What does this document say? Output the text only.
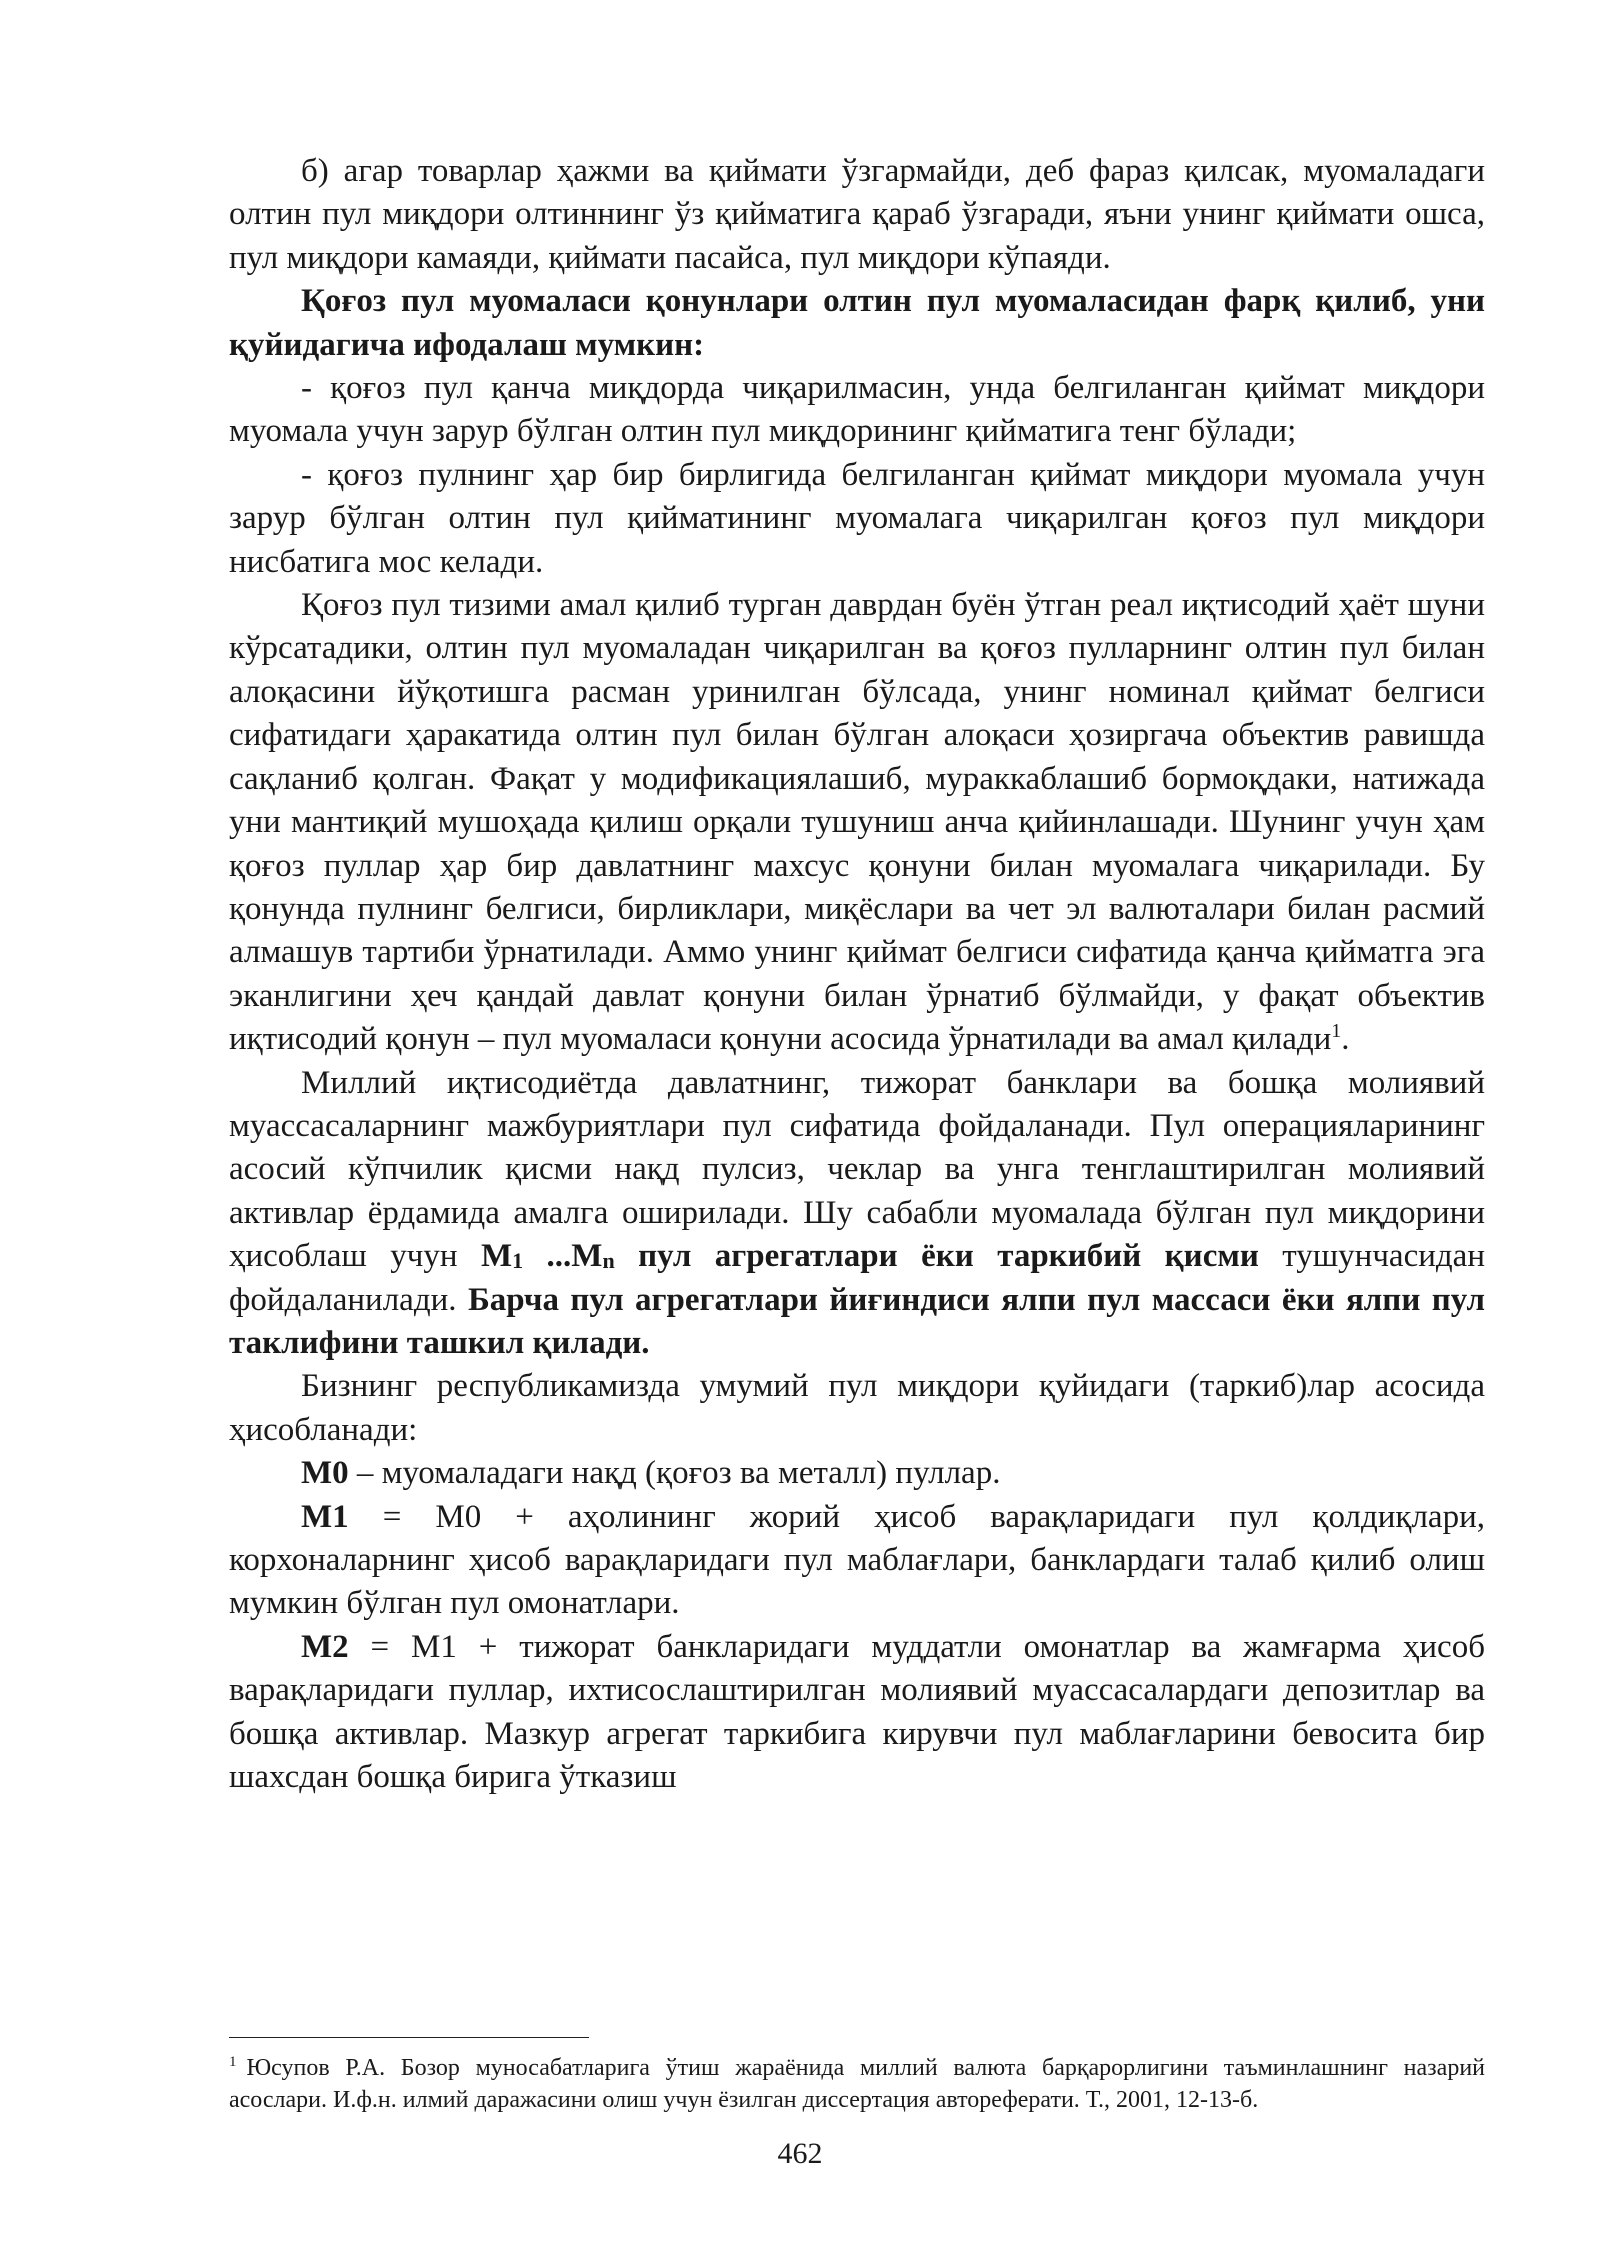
б) агар товарлар ҳажми ва қиймати ўзгармайди, деб фараз қилсак, муомаладаги олтин пул миқдори олтиннинг ўз қийматига қараб ўзгаради, яъни унинг қиймати ошса, пул миқдори камаяди, қиймати пасайса, пул миқдори кўпаяди.

Қоғоз пул муомаласи қонунлари олтин пул муомаласидан фарқ қилиб, уни қуйидагича ифодалаш мумкин:

- қоғоз пул қанча миқдорда чиқарилмасин, унда белгиланган қиймат миқдори муомала учун зарур бўлган олтин пул миқдорининг қийматига тенг бўлади;

- қоғоз пулнинг ҳар бир бирлигида белгиланган қиймат миқдори муомала учун зарур бўлган олтин пул қийматининг муомалага чиқарилган қоғоз пул миқдори нисбатига мос келади.

Қоғоз пул тизими амал қилиб турган даврдан буён ўтган реал иқтисодий ҳаёт шуни кўрсатадики, олтин пул муомаладан чиқарилган ва қоғоз пулларнинг олтин пул билан алоқасини йўқотишга расман уринилган бўлсада, унинг номинал қиймат белгиси сифатидаги ҳаракатида олтин пул билан бўлган алоқаси ҳозиргача объектив равишда сақланиб қолган. Фақат у модификациялашиб, мураккаблашиб бормоқдаки, натижада уни мантиқий мушоҳада қилиш орқали тушуниш анча қийинлашади. Шунинг учун ҳам қоғоз пуллар ҳар бир давлатнинг махсус қонуни билан муомалага чиқарилади. Бу қонунда пулнинг белгиси, бирликлари, миқёслари ва чет эл валюталари билан расмий алмашув тартиби ўрнатилади. Аммо унинг қиймат белгиси сифатида қанча қийматга эга эканлигини ҳеч қандай давлат қонуни билан ўрнатиб бўлмайди, у фақат объектив иқтисодий қонун – пул муомаласи қонуни асосида ўрнатилади ва амал қилади$^1$.

Миллий иқтисодиётда давлатнинг, тижорат банклари ва бошқа молиявий муассасаларнинг мажбуриятлари пул сифатида фойдаланади. Пул операцияларининг асосий кўпчилик қисми нақд пулсиз, чеклар ва унга тенглаштирилган молиявий активлар ёрдамида амалга оширилади. Шу сабабли муомалада бўлган пул миқдорини ҳисоблаш учун $М_1$ $...М_n$ пул агрегатлари ёки таркибий қисми тушунчасидан фойдаланилади. Барча пул агрегатлари йиғиндиси ялпи пул массаси ёки ялпи пул таклифини ташкил қилади.

Бизнинг республикамизда умумий пул миқдори қуйидаги (таркиб)лар асосида ҳисобланади:

М0 – муомаладаги нақд (қоғоз ва металл) пуллар.

М1 = М0 + аҳолининг жорий ҳисоб варақларидаги пул қолдиқлари, корхоналарнинг ҳисоб варақларидаги пул маблағлари, банклардаги талаб қилиб олиш мумкин бўлган пул омонатлари.

М2 = М1 + тижорат банкларидаги муддатли омонатлар ва жамғарма ҳисоб варақларидаги пуллар, ихтисослаштирилган молиявий муассасалардаги депозитлар ва бошқа активлар. Мазкур агрегат таркибига кирувчи пул маблағларини бевосита бир шахсдан бошқа бирига ўтказиш

$^1$ Юсупов Р.А. Бозор муносабатларига ўтиш жараёнида миллий валюта барқарорлигини таъминлашнинг назарий асослари. И.ф.н. илмий даражасини олиш учун ёзилган диссертация автореферати. Т., 2001, 12-13-б.

462
